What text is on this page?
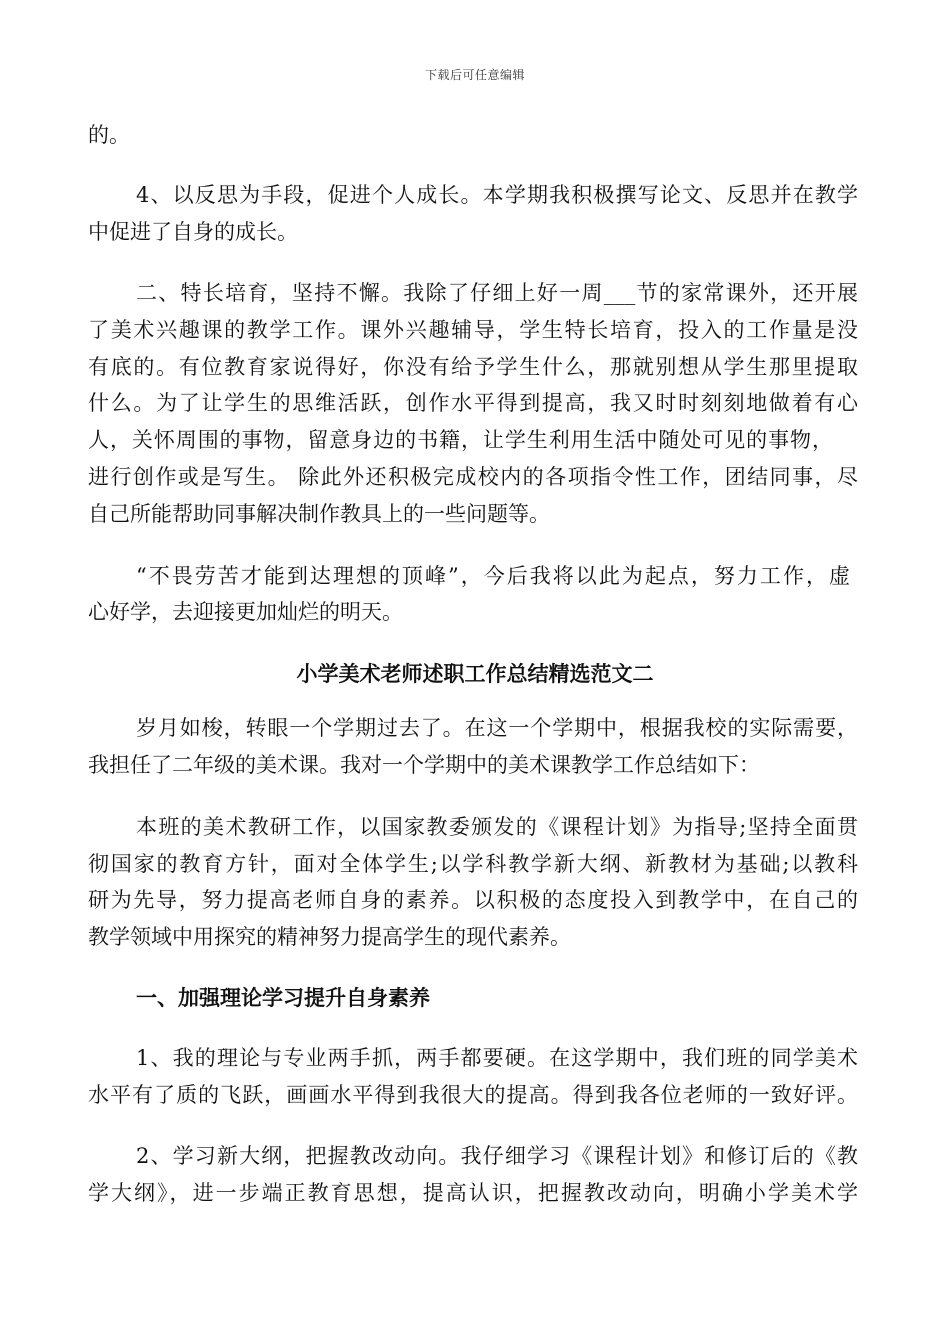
下载后可任意编辑
的。
4、以反思为手段，促进个人成长。本学期我积极撰写论文、反思并在教学
中促进了自身的成长。
二、特长培育，坚持不懈。我除了仔细上好一周___节的家常课外，还开展
了美术兴趣课的教学工作。课外兴趣辅导，学生特长培育，投入的工作量是没
有底的。有位教育家说得好，你没有给予学生什么，那就别想从学生那里提取
什么。为了让学生的思维活跃，创作水平得到提高，我又时时刻刻地做着有心
人，关怀周围的事物，留意身边的书籍，让学生利用生活中随处可见的事物，
进行创作或是写生。 除此外还积极完成校内的各项指令性工作，团结同事，尽
自己所能帮助同事解决制作教具上的一些问题等。
“不畏劳苦才能到达理想的顶峰”，今后我将以此为起点，努力工作，虚
心好学，去迎接更加灿烂的明天。
小学美术老师述职工作总结精选范文二
岁月如梭，转眼一个学期过去了。在这一个学期中，根据我校的实际需要，
我担任了二年级的美术课。我对一个学期中的美术课教学工作总结如下：
本班的美术教研工作，以国家教委颁发的《课程计划》为指导;坚持全面贯
彻国家的教育方针，面对全体学生;以学科教学新大纲、新教材为基础;以教科
研为先导，努力提高老师自身的素养。以积极的态度投入到教学中，在自己的
教学领域中用探究的精神努力提高学生的现代素养。
一、加强理论学习提升自身素养
1、我的理论与专业两手抓，两手都要硬。在这学期中，我们班的同学美术
水平有了质的飞跃，画画水平得到我很大的提高。得到我各位老师的一致好评。
2、学习新大纲，把握教改动向。我仔细学习《课程计划》和修订后的《教
学大纲》，进一步端正教育思想，提高认识，把握教改动向，明确小学美术学
